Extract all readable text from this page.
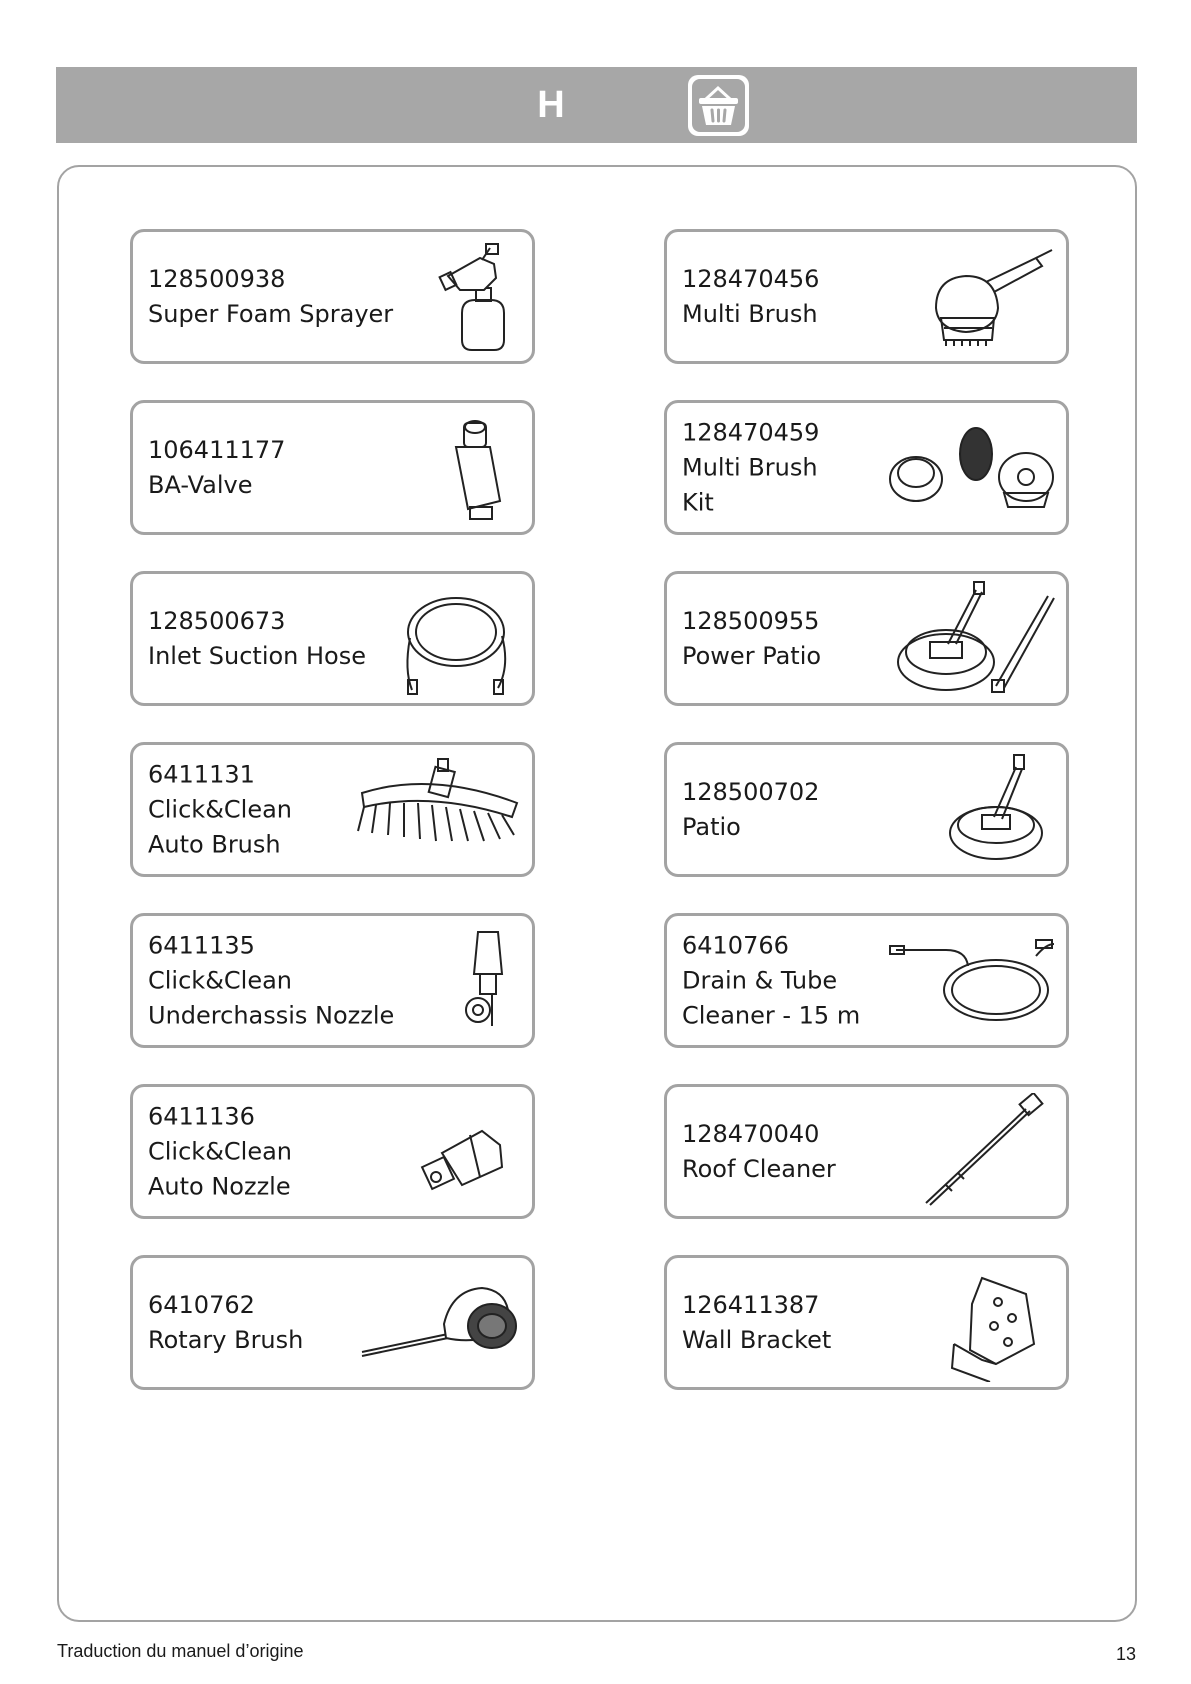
H
128500938
Super Foam Sprayer
128470456
Multi Brush
106411177
BA-Valve
128470459
Multi Brush
Kit
128500673
Inlet Suction Hose
128500955
Power Patio
6411131
Click&Clean
Auto Brush
128500702
Patio
6411135
Click&Clean
Underchassis Nozzle
6410766
Drain & Tube
Cleaner - 15 m
6411136
Click&Clean
Auto Nozzle
128470040
Roof Cleaner
6410762
Rotary Brush
126411387
Wall Bracket
Traduction du manuel d’origine	13
